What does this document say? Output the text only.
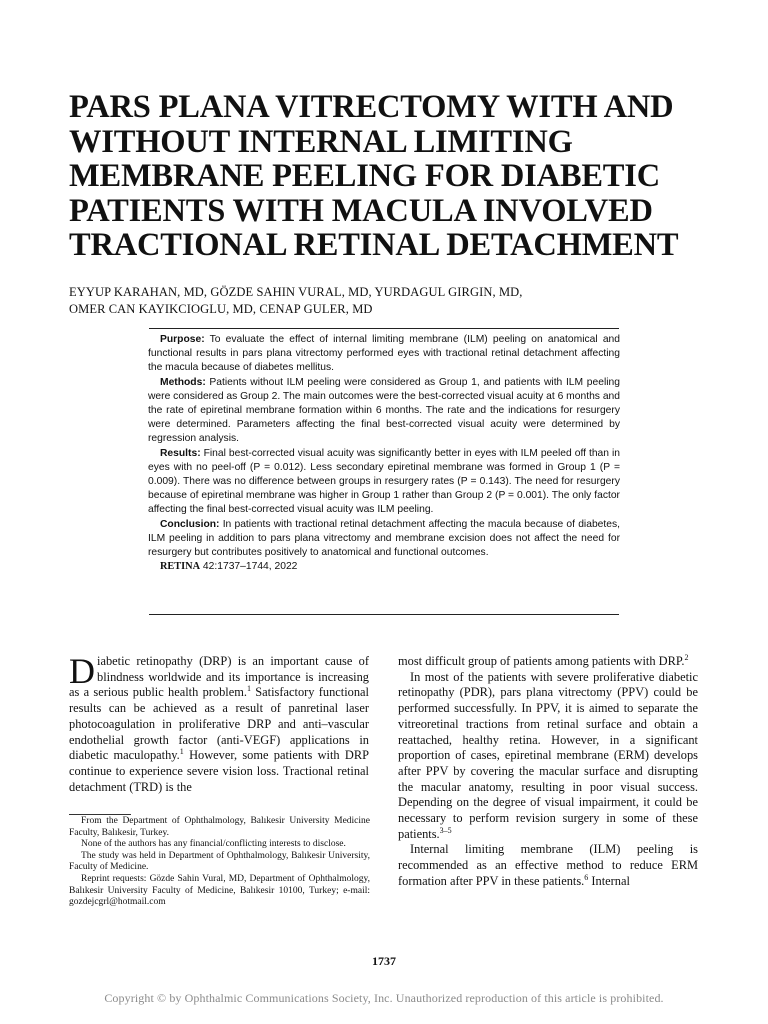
PARS PLANA VITRECTOMY WITH AND
WITHOUT INTERNAL LIMITING
MEMBRANE PEELING FOR DIABETIC
PATIENTS WITH MACULA INVOLVED
TRACTIONAL RETINAL DETACHMENT

EYYUP KARAHAN, MD, GÖZDE SAHIN VURAL, MD, YURDAGUL GIRGIN, MD,
OMER CAN KAYIKCIOGLU, MD, CENAP GULER, MD

Purpose: To evaluate the effect of internal limiting membrane (ILM) peeling on anatomical and functional results in pars plana vitrectomy performed eyes with tractional retinal detachment affecting the macula because of diabetes mellitus.

Methods: Patients without ILM peeling were considered as Group 1, and patients with ILM peeling were considered as Group 2. The main outcomes were the best-corrected visual acuity at 6 months and the rate of epiretinal membrane formation within 6 months. The rate and the indications for resurgery were determined. Parameters affecting the final best-corrected visual acuity were determined by regression analysis.

Results: Final best-corrected visual acuity was significantly better in eyes with ILM peeled off than in eyes with no peel-off (P = 0.012). Less secondary epiretinal membrane was formed in Group 1 (P = 0.009). There was no difference between groups in resurgery rates (P = 0.143). The need for resurgery because of epiretinal membrane was higher in Group 1 rather than Group 2 (P = 0.001). The only factor affecting the final best-corrected visual acuity was ILM peeling.

Conclusion: In patients with tractional retinal detachment affecting the macula because of diabetes, ILM peeling in addition to pars plana vitrectomy and membrane excision does not affect the need for resurgery but contributes positively to anatomical and functional outcomes.

RETINA 42:1737–1744, 2022

Diabetic retinopathy (DRP) is an important cause of blindness worldwide and its importance is increasing as a serious public health problem.$^1$ Satisfactory functional results can be achieved as a result of panretinal laser photocoagulation in proliferative DRP and anti–vascular endothelial growth factor (anti-VEGF) applications in diabetic maculopathy.$^1$ However, some patients with DRP continue to experience severe vision loss. Tractional retinal detachment (TRD) is the

From the Department of Ophthalmology, Balıkesir University Medicine Faculty, Balıkesir, Turkey.

None of the authors has any financial/conflicting interests to disclose.

The study was held in Department of Ophthalmology, Balıkesir University, Faculty of Medicine.

Reprint requests: Gözde Sahin Vural, MD, Department of Ophthalmology, Balıkesir University Faculty of Medicine, Balıkesir 10100, Turkey; e-mail: gozdejcgrl@hotmail.com

most difficult group of patients among patients with DRP.$^2$

In most of the patients with severe proliferative diabetic retinopathy (PDR), pars plana vitrectomy (PPV) could be performed successfully. In PPV, it is aimed to separate the vitreoretinal tractions from retinal surface and obtain a reattached, healthy retina. However, in a significant proportion of cases, epiretinal membrane (ERM) develops after PPV by covering the macular surface and disrupting the macular anatomy, resulting in poor visual success. Depending on the degree of visual impairment, it could be necessary to perform revision surgery in some of these patients.$^{3-5}$

Internal limiting membrane (ILM) peeling is recommended as an effective method to reduce ERM formation after PPV in these patients.$^6$ Internal

1737
Copyright © by Ophthalmic Communications Society, Inc. Unauthorized reproduction of this article is prohibited.
